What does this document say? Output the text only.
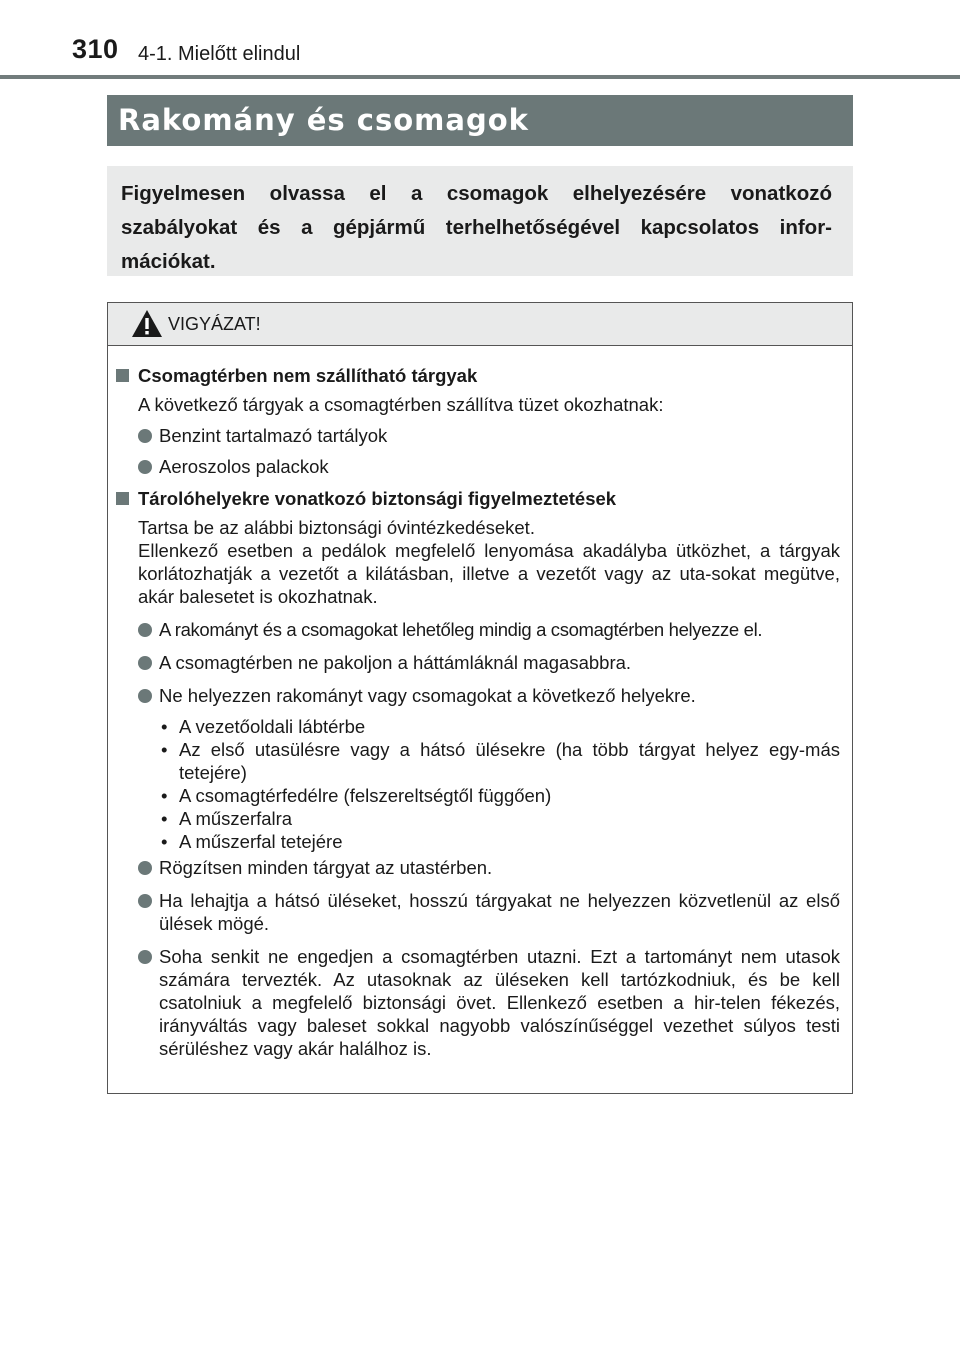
310 4-1. Mielőtt elindul
Rakomány és csomagok
Figyelmesen olvassa el a csomagok elhelyezésére vonatkozó szabályokat és a gépjármű terhelhetőségével kapcsolatos infor-mációkat.
VIGYÁZAT!
Csomagtérben nem szállítható tárgyak
A következő tárgyak a csomagtérben szállítva tüzet okozhatnak:
Benzint tartalmazó tartályok
Aeroszolos palackok
Tárolóhelyekre vonatkozó biztonsági figyelmeztetések
Tartsa be az alábbi biztonsági óvintézkedéseket.
Ellenkező esetben a pedálok megfelelő lenyomása akadályba ütközhet, a tárgyak korlátozhatják a vezetőt a kilátásban, illetve a vezetőt vagy az uta-sokat megütve, akár balesetet is okozhatnak.
A rakományt és a csomagokat lehetőleg mindig a csomagtérben helyezze el.
A csomagtérben ne pakoljon a háttámláknál magasabbra.
Ne helyezzen rakományt vagy csomagokat a következő helyekre.
• A vezetőoldali lábtérbe
• Az első utasülésre vagy a hátsó ülésekre (ha több tárgyat helyez egy-más tetejére)
• A csomagtérfedélre (felszereltségtől függően)
• A műszerfalra
• A műszerfal tetejére
Rögzítsen minden tárgyat az utastérben.
Ha lehajtja a hátsó üléseket, hosszú tárgyakat ne helyezzen közvetlenül az első ülések mögé.
Soha senkit ne engedjen a csomagtérben utazni. Ezt a tartományt nem utasok számára tervezték. Az utasoknak az üléseken kell tartózkodniuk, és be kell csatolniuk a megfelelő biztonsági övet. Ellenkező esetben a hir-telen fékezés, irányváltás vagy baleset sokkal nagyobb valószínűséggel vezethet súlyos testi sérüléshez vagy akár halálhoz is.
